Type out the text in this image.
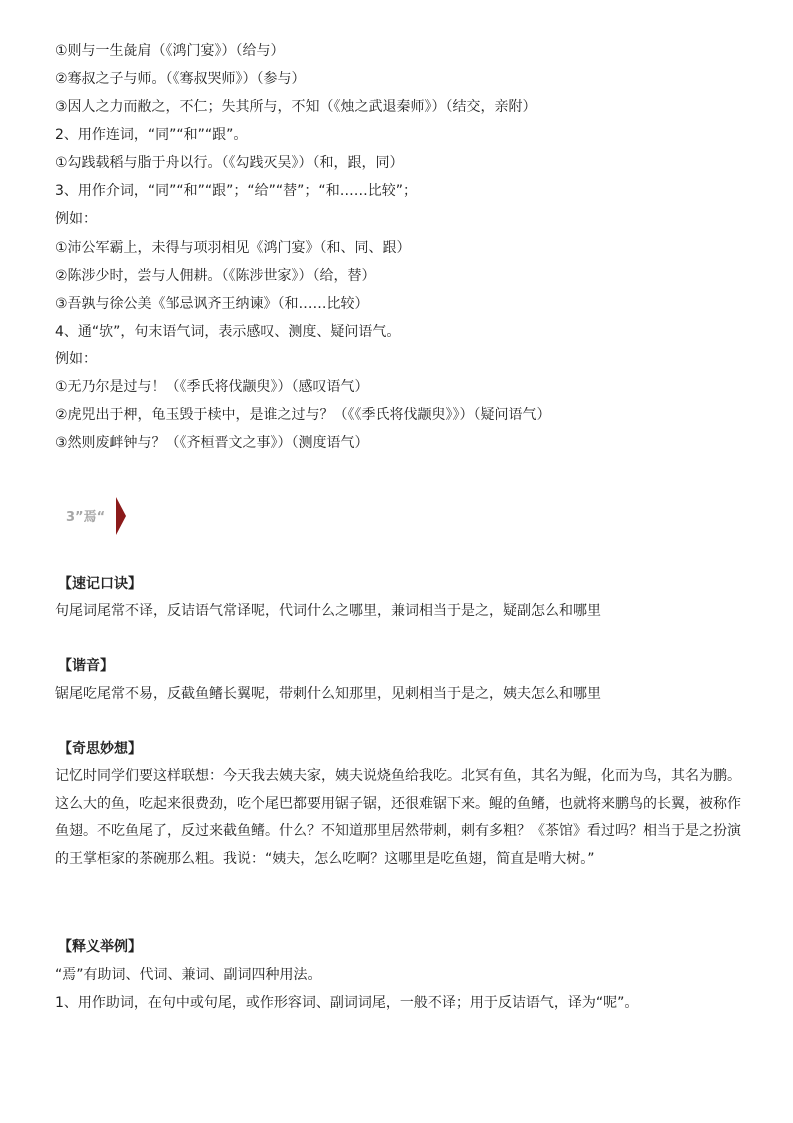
①则与一生彘肩（《鸿门宴》）（给与）
②骞叔之子与师。（《骞叔哭师》）（参与）
③因人之力而敝之，不仁；失其所与，不知（《烛之武退秦师》）（结交，亲附）
2、用作连词，“同”“和”“跟”。
①勾践载稻与脂于舟以行。（《勾践灭吴》）（和，跟，同）
3、用作介词，“同”“和”“跟”；“给”“替”；“和……比较”；
例如：
①沛公军霸上，未得与项羽相见《鸿门宴》（和、同、跟）
②陈涉少时，尝与人佣耕。（《陈涉世家》）（给，替）
③吾孰与徐公美《邹忌讽齐王纳谏》（和……比较）
4、通“欤”，句末语气词，表示感叹、测度、疑问语气。
例如：
①无乃尔是过与！（《季氏将伐颛臾》）（感叹语气）
②虎兕出于柙，龟玉毁于椟中，是谁之过与？（《《季氏将伐颛臾》》）（疑问语气）
③然则废衅钟与？（《齐桓晋文之事》）（测度语气）
3”焉“
【速记口诀】
句尾词尾常不译，反诘语气常译呢，代词什么之哪里，兼词相当于是之，疑副怎么和哪里
【谐音】
锯尾吃尾常不易，反截鱼鳍长翼呢，带刺什么知那里，见刺相当于是之，姨夫怎么和哪里
【奇思妙想】
记忆时同学们要这样联想：今天我去姨夫家，姨夫说烧鱼给我吃。北冥有鱼，其名为鲲，化而为鸟，其名为鹏。这么大的鱼，吃起来很费劲，吃个尾巴都要用锯子锯，还很难锯下来。鲲的鱼鳍，也就将来鹏鸟的长翼，被称作鱼翅。不吃鱼尾了，反过来截鱼鳍。什么？不知道那里居然带刺，刺有多粗？《茶馆》看过吗？相当于是之扮演的王掌柜家的茶碗那么粗。我说：“姨夫，怎么吃啊？这哪里是吃鱼翅，简直是啃大树。”
【释义举例】
“焉”有助词、代词、兼词、副词四种用法。
1、用作助词，在句中或句尾，或作形容词、副词词尾，一般不译；用于反诘语气，译为“呢”。
